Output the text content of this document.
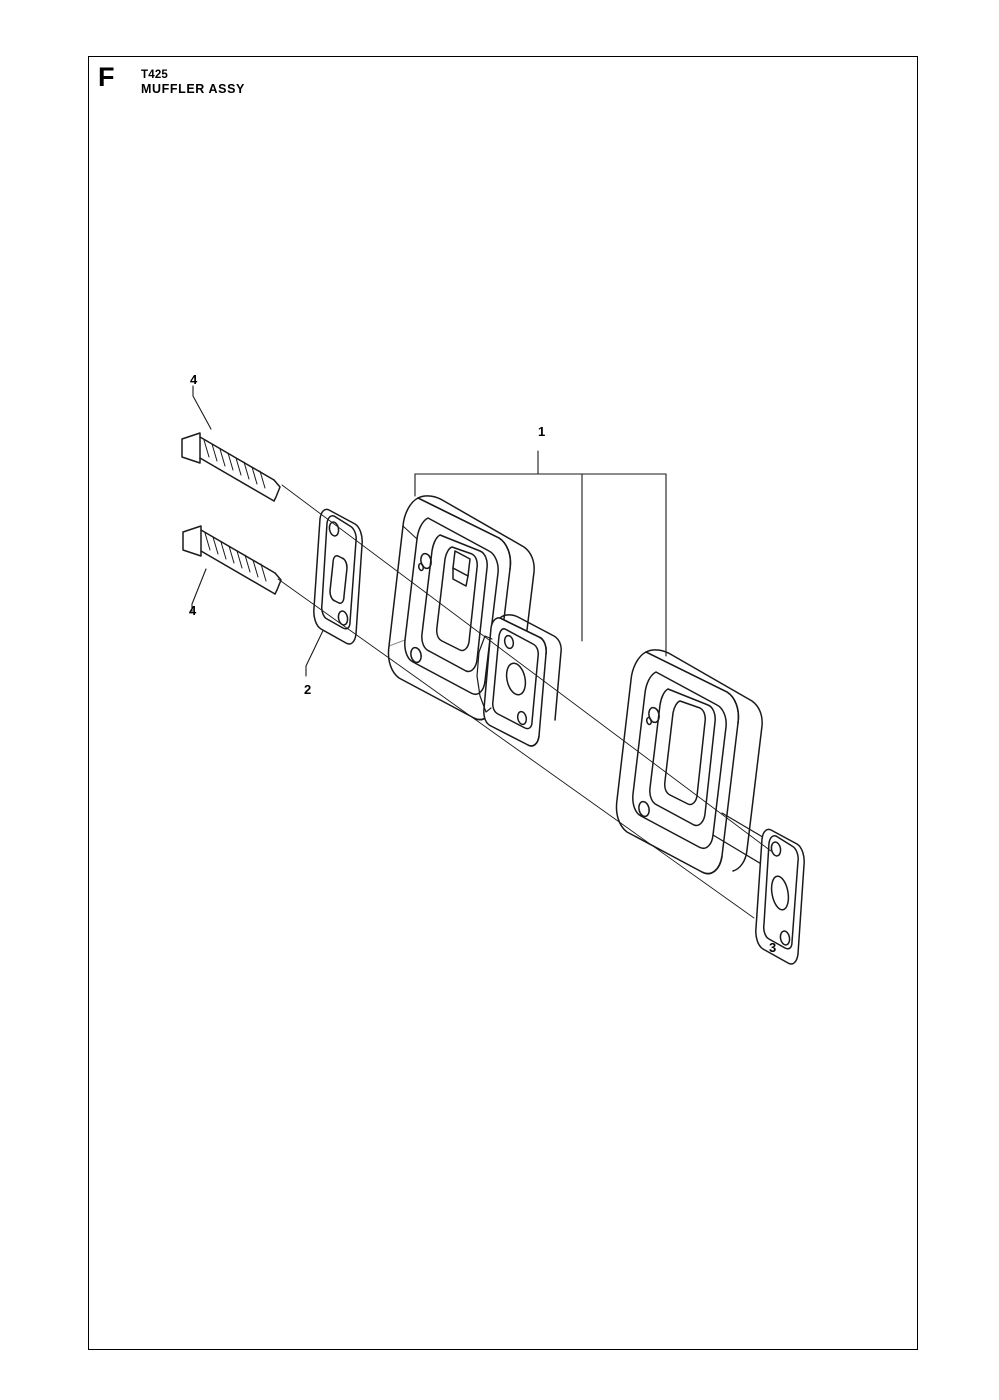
F T425
MUFFLER ASSY
1
2
3
4
4
